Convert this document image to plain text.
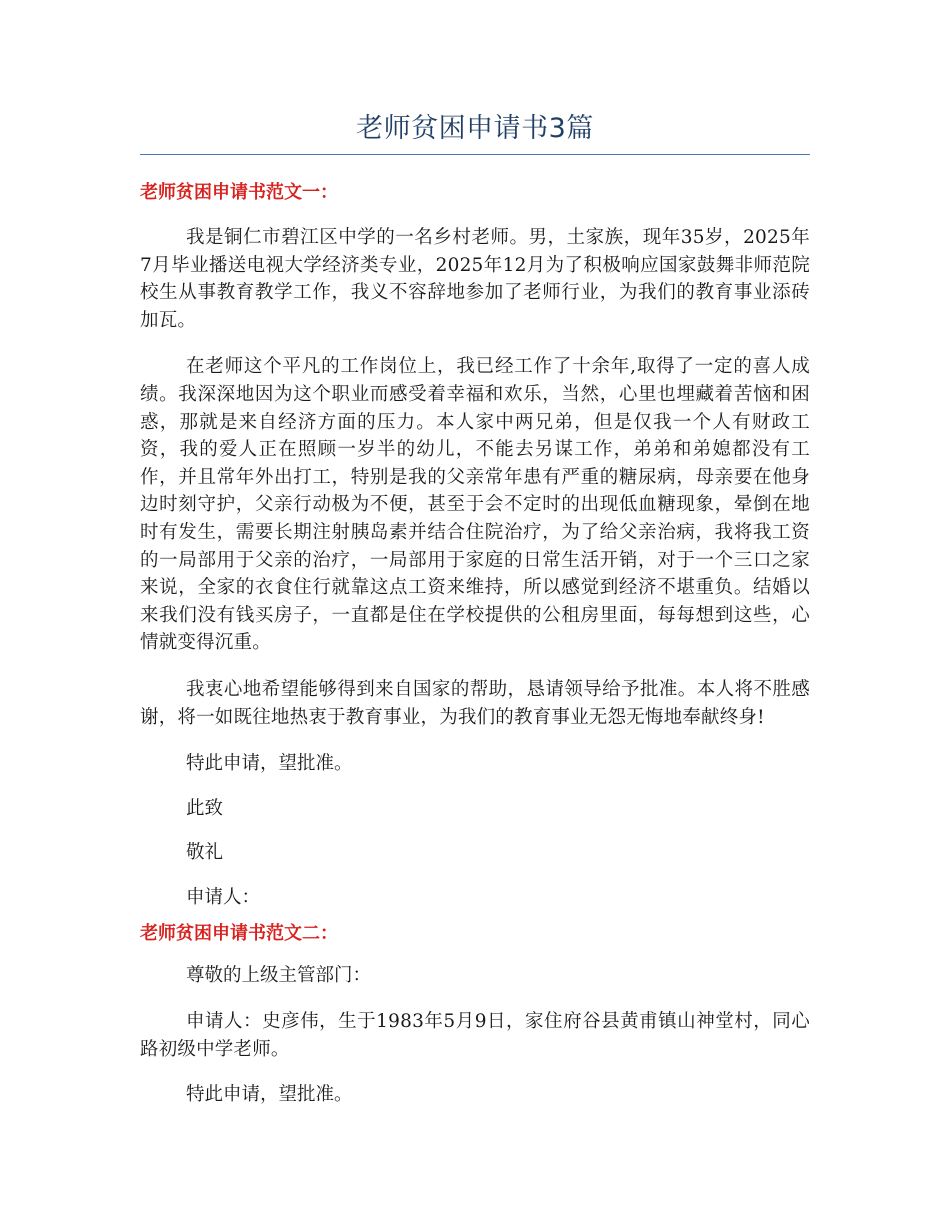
老师贫困申请书3篇
老师贫困申请书范文一：

我是铜仁市碧江区中学的一名乡村老师。男，土家族，现年35岁，2025年7月毕业播送电视大学经济类专业，2025年12月为了积极响应国家鼓舞非师范院校生从事教育教学工作，我义不容辞地参加了老师行业，为我们的教育事业添砖加瓦。

在老师这个平凡的工作岗位上，我已经工作了十余年,取得了一定的喜人成绩。我深深地因为这个职业而感受着幸福和欢乐，当然，心里也埋藏着苦恼和困惑，那就是来自经济方面的压力。本人家中两兄弟，但是仅我一个人有财政工资，我的爱人正在照顾一岁半的幼儿，不能去另谋工作，弟弟和弟媳都没有工作，并且常年外出打工，特别是我的父亲常年患有严重的糖尿病，母亲要在他身边时刻守护，父亲行动极为不便，甚至于会不定时的出现低血糖现象，晕倒在地时有发生，需要长期注射胰岛素并结合住院治疗，为了给父亲治病，我将我工资的一局部用于父亲的治疗，一局部用于家庭的日常生活开销，对于一个三口之家来说，全家的衣食住行就靠这点工资来维持，所以感觉到经济不堪重负。结婚以来我们没有钱买房子，一直都是住在学校提供的公租房里面，每每想到这些，心情就变得沉重。

我衷心地希望能够得到来自国家的帮助，恳请领导给予批准。本人将不胜感谢，将一如既往地热衷于教育事业，为我们的教育事业无怨无悔地奉献终身!

特此申请，望批准。

此致

敬礼

申请人：

老师贫困申请书范文二：

尊敬的上级主管部门：

申请人：史彦伟，生于1983年5月9日，家住府谷县黄甫镇山神堂村，同心路初级中学老师。

特此申请，望批准。
